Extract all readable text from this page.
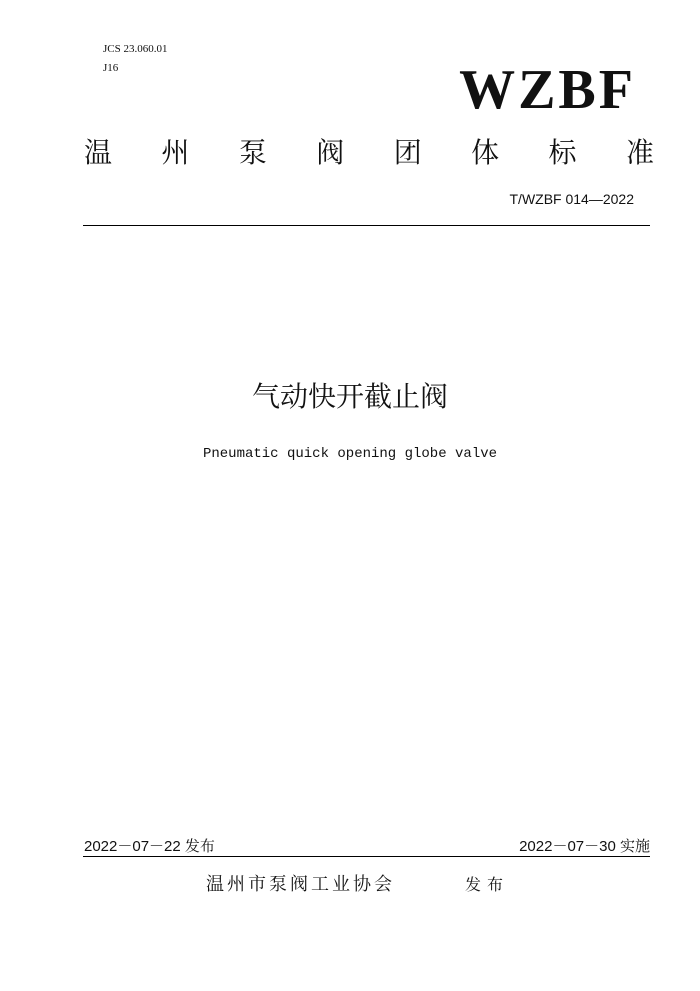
JCS 23.060.01
J16	WZBF
温 州 泵 阀 团 体 标 准
T/WZBF 014—2022
气动快开截止阀
Pneumatic quick opening globe valve
2022－07－22 发布	2022－07－30 实施
温州市泵阀工业协会	发布
